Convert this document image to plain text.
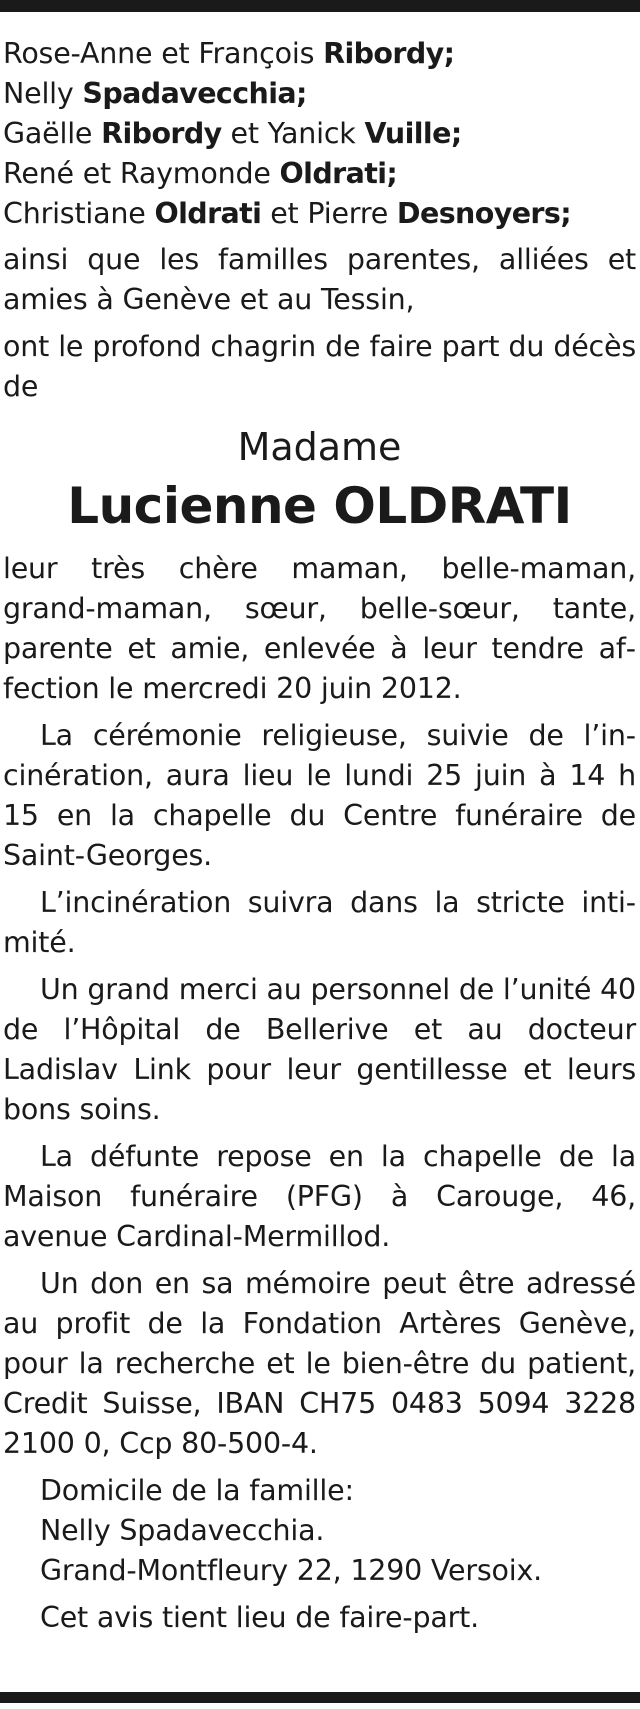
Rose-Anne et François Ribordy;
Nelly Spadavecchia;
Gaëlle Ribordy et Yanick Vuille;
René et Raymonde Oldrati;
Christiane Oldrati et Pierre Desnoyers;

ainsi que les familles parentes, alliées et amies à Genève et au Tessin,

ont le profond chagrin de faire part du décès de

Madame

Lucienne OLDRATI

leur très chère maman, belle-maman, grand-maman, sœur, belle-sœur, tante, parente et amie, enlevée à leur tendre affection le mercredi 20 juin 2012.

La cérémonie religieuse, suivie de l’incinération, aura lieu le lundi 25 juin à 14 h 15 en la chapelle du Centre funéraire de Saint-Georges.

L’incinération suivra dans la stricte intimité.

Un grand merci au personnel de l’unité 40 de l’Hôpital de Bellerive et au docteur Ladislav Link pour leur gentillesse et leurs bons soins.

La défunte repose en la chapelle de la Maison funéraire (PFG) à Carouge, 46, avenue Cardinal-Mermillod.

Un don en sa mémoire peut être adressé au profit de la Fondation Artères Genève, pour la recherche et le bien-être du patient, Credit Suisse, IBAN CH75 0483 5094 3228 2100 0, Ccp 80-500-4.

Domicile de la famille:
Nelly Spadavecchia.
Grand-Montfleury 22, 1290 Versoix.

Cet avis tient lieu de faire-part.
